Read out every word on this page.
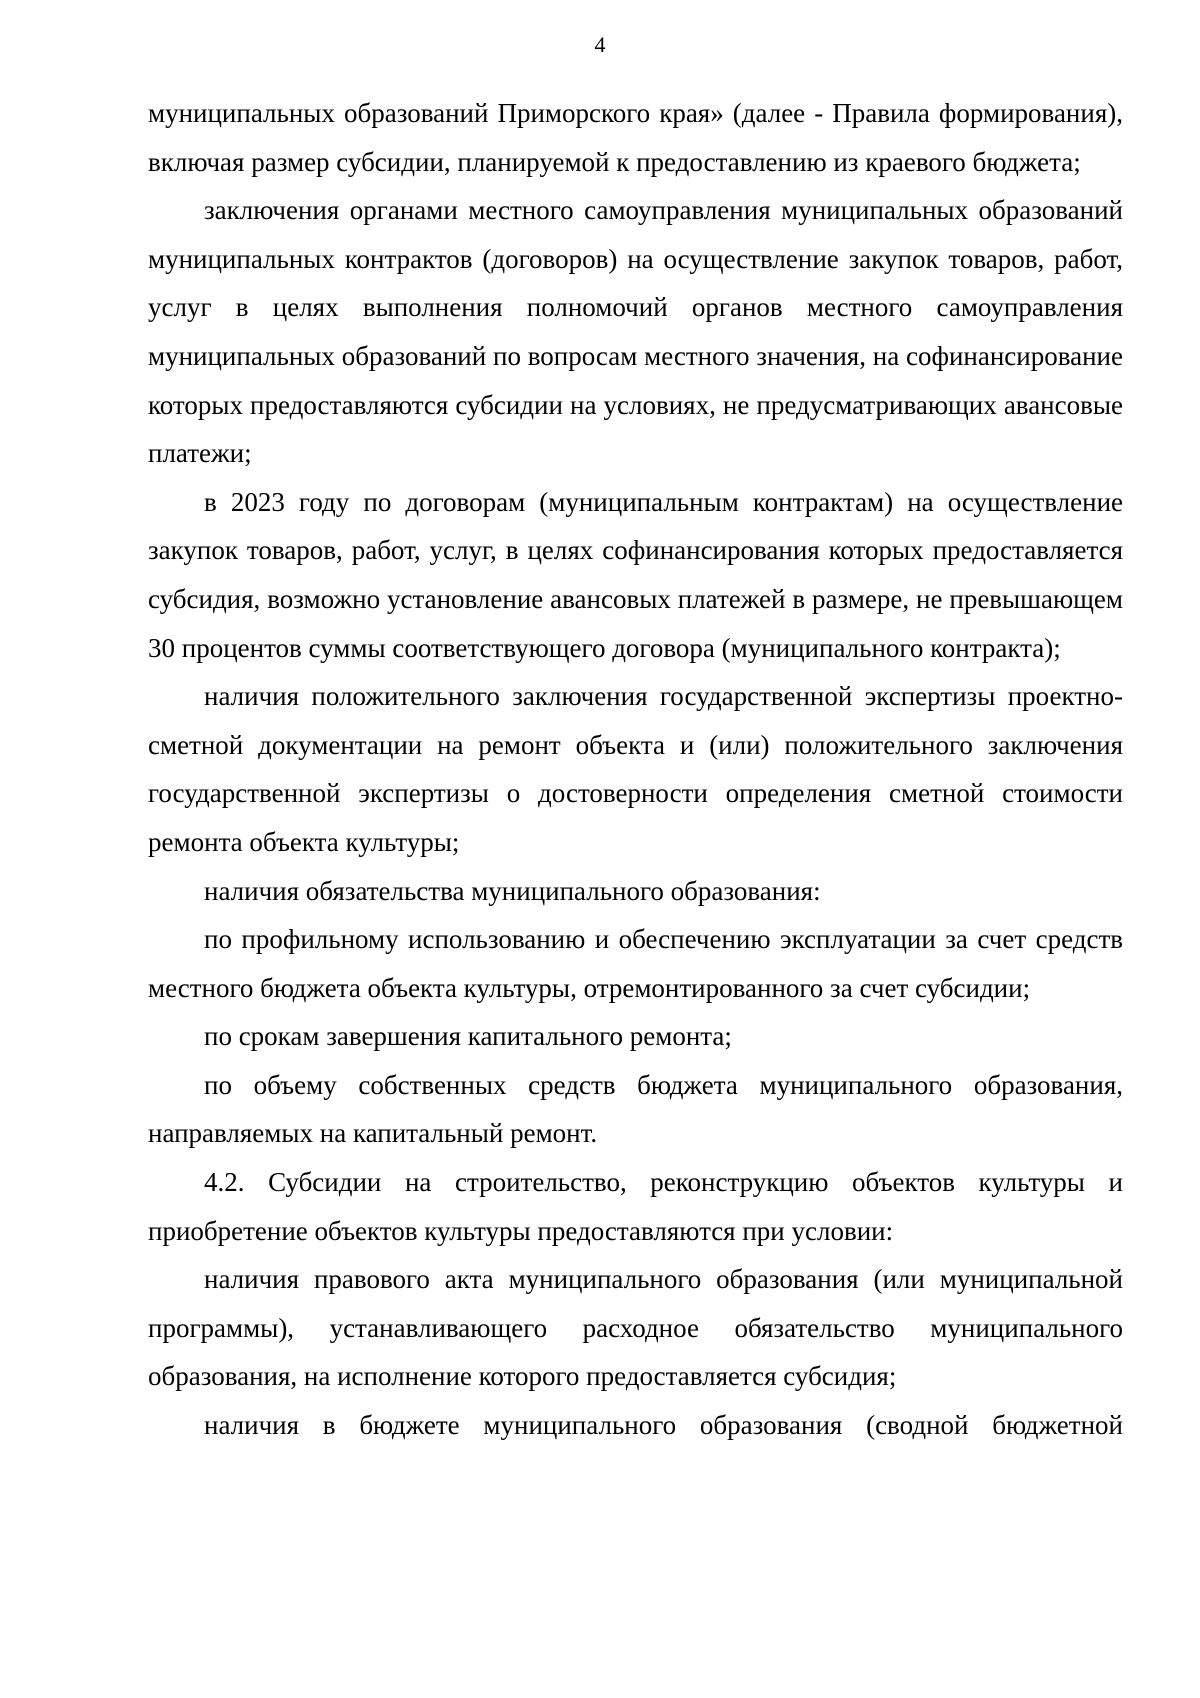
4

муниципальных образований Приморского края» (далее - Правила формирования), включая размер субсидии, планируемой к предоставлению из краевого бюджета;

заключения органами местного самоуправления муниципальных образований муниципальных контрактов (договоров) на осуществление закупок товаров, работ, услуг в целях выполнения полномочий органов местного самоуправления муниципальных образований по вопросам местного значения, на софинансирование которых предоставляются субсидии на условиях, не предусматривающих авансовые платежи;

в 2023 году по договорам (муниципальным контрактам) на осуществление закупок товаров, работ, услуг, в целях софинансирования которых предоставляется субсидия, возможно установление авансовых платежей в размере, не превышающем 30 процентов суммы соответствующего договора (муниципального контракта);

наличия положительного заключения государственной экспертизы проектно-сметной документации на ремонт объекта и (или) положительного заключения государственной экспертизы о достоверности определения сметной стоимости ремонта объекта культуры;

наличия обязательства муниципального образования:

по профильному использованию и обеспечению эксплуатации за счет средств местного бюджета объекта культуры, отремонтированного за счет субсидии;

по срокам завершения капитального ремонта;

по объему собственных средств бюджета муниципального образования, направляемых на капитальный ремонт.

4.2. Субсидии на строительство, реконструкцию объектов культуры и приобретение объектов культуры предоставляются при условии:

наличия правового акта муниципального образования (или муниципальной программы), устанавливающего расходное обязательство муниципального образования, на исполнение которого предоставляется субсидия;

наличия в бюджете муниципального образования (сводной бюджетной
